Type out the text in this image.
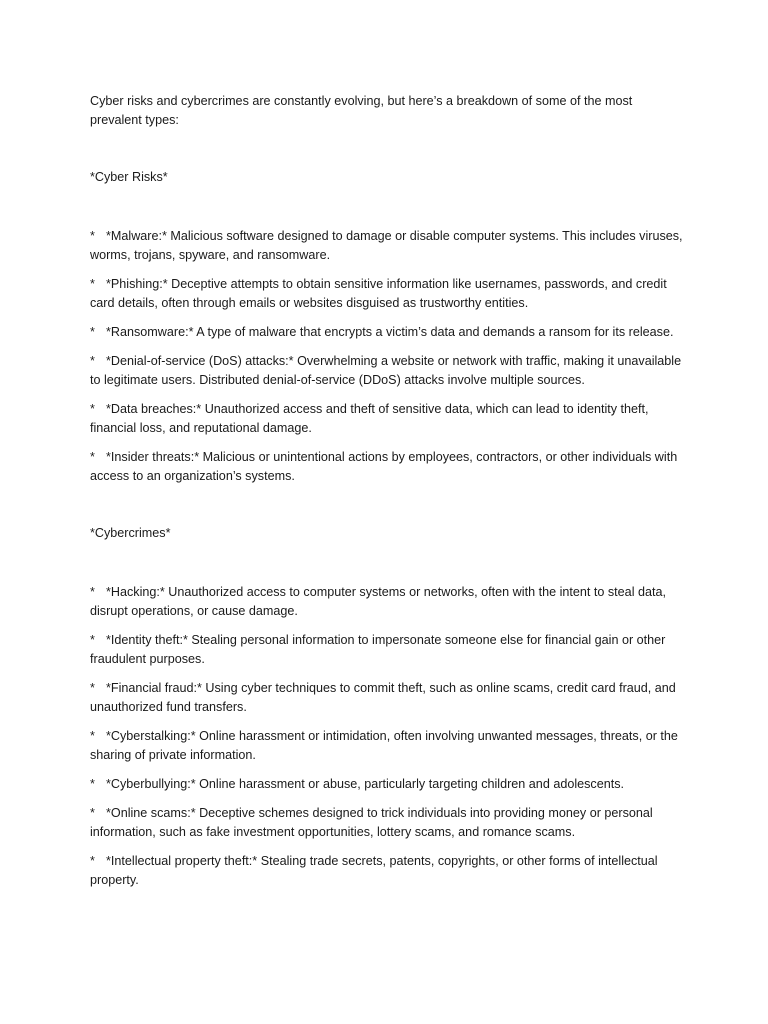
Cyber risks and cybercrimes are constantly evolving, but here’s a breakdown of some of the most prevalent types:

*Cyber Risks*

* *Malware:* Malicious software designed to damage or disable computer systems. This includes viruses, worms, trojans, spyware, and ransomware.
* *Phishing:* Deceptive attempts to obtain sensitive information like usernames, passwords, and credit card details, often through emails or websites disguised as trustworthy entities.
* *Ransomware:* A type of malware that encrypts a victim’s data and demands a ransom for its release.
* *Denial-of-service (DoS) attacks:* Overwhelming a website or network with traffic, making it unavailable to legitimate users. Distributed denial-of-service (DDoS) attacks involve multiple sources.
* *Data breaches:* Unauthorized access and theft of sensitive data, which can lead to identity theft, financial loss, and reputational damage.
* *Insider threats:* Malicious or unintentional actions by employees, contractors, or other individuals with access to an organization’s systems.

*Cybercrimes*

* *Hacking:* Unauthorized access to computer systems or networks, often with the intent to steal data, disrupt operations, or cause damage.
* *Identity theft:* Stealing personal information to impersonate someone else for financial gain or other fraudulent purposes.
* *Financial fraud:* Using cyber techniques to commit theft, such as online scams, credit card fraud, and unauthorized fund transfers.
* *Cyberstalking:* Online harassment or intimidation, often involving unwanted messages, threats, or the sharing of private information.
* *Cyberbullying:* Online harassment or abuse, particularly targeting children and adolescents.
* *Online scams:* Deceptive schemes designed to trick individuals into providing money or personal information, such as fake investment opportunities, lottery scams, and romance scams.
* *Intellectual property theft:* Stealing trade secrets, patents, copyrights, or other forms of intellectual property.
